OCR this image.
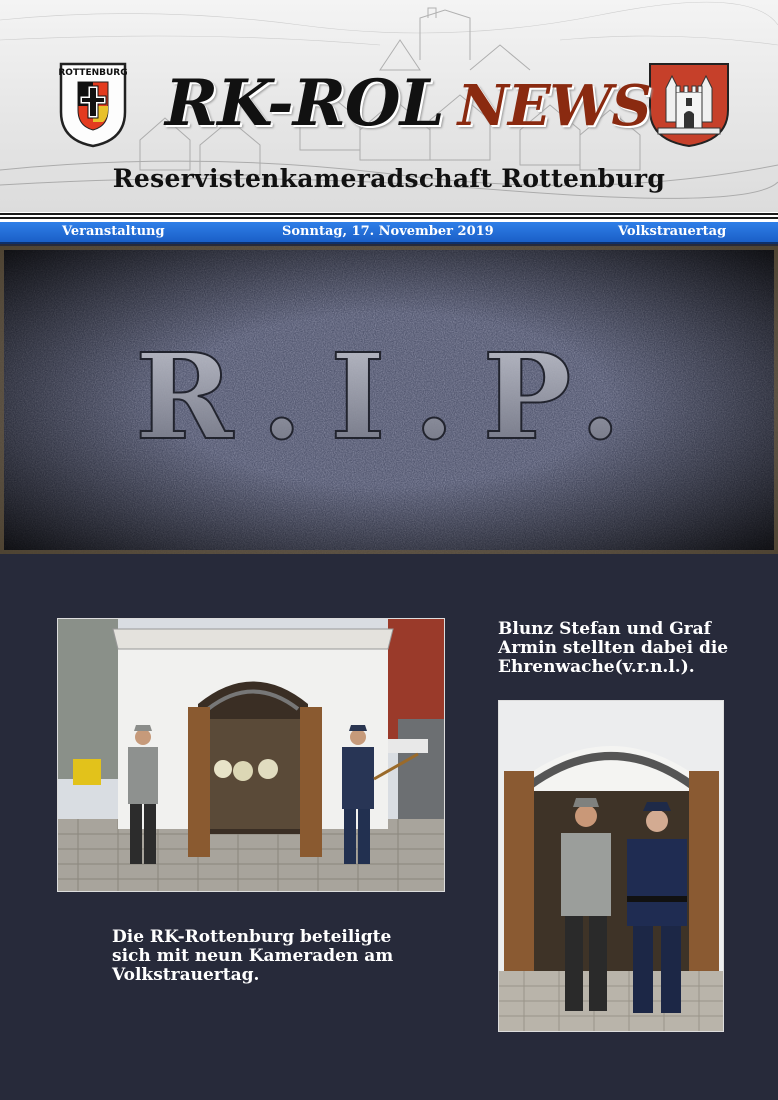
ROTTENBURG RK-ROL NEWS
Reservistenkameradschaft Rottenburg
Veranstaltung	Sonntag, 17. November 2019	Volkstrauertag
R.I.P.
Die RK-Rottenburg beteiligte
sich mit neun Kameraden am
Volkstrauertag.
Blunz Stefan und Graf
Armin stellten dabei die
Ehrenwache(v.r.n.l.).
